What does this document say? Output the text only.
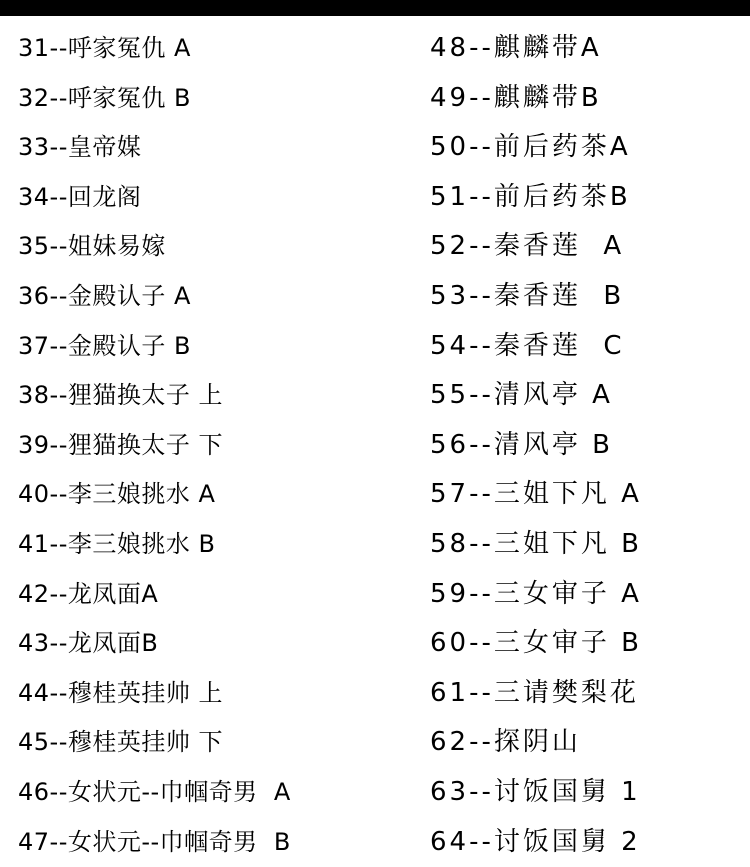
31--呼家冤仇 A
32--呼家冤仇 B
33--皇帝媒
34--回龙阁
35--姐妹易嫁
36--金殿认子 A
37--金殿认子 B
38--狸猫换太子 上
39--狸猫换太子 下
40--李三娘挑水 A
41--李三娘挑水 B
42--龙凤面A
43--龙凤面B
44--穆桂英挂帅 上
45--穆桂英挂帅 下
46--女状元--巾帼奇男  A
47--女状元--巾帼奇男  B
48--麒麟带A
49--麒麟带B
50--前后药茶A
51--前后药茶B
52--秦香莲  A
53--秦香莲  B
54--秦香莲  C
55--清风亭 A
56--清风亭 B
57--三姐下凡 A
58--三姐下凡 B
59--三女审子 A
60--三女审子 B
61--三请樊梨花
62--探阴山
63--讨饭国舅 1
64--讨饭国舅 2
